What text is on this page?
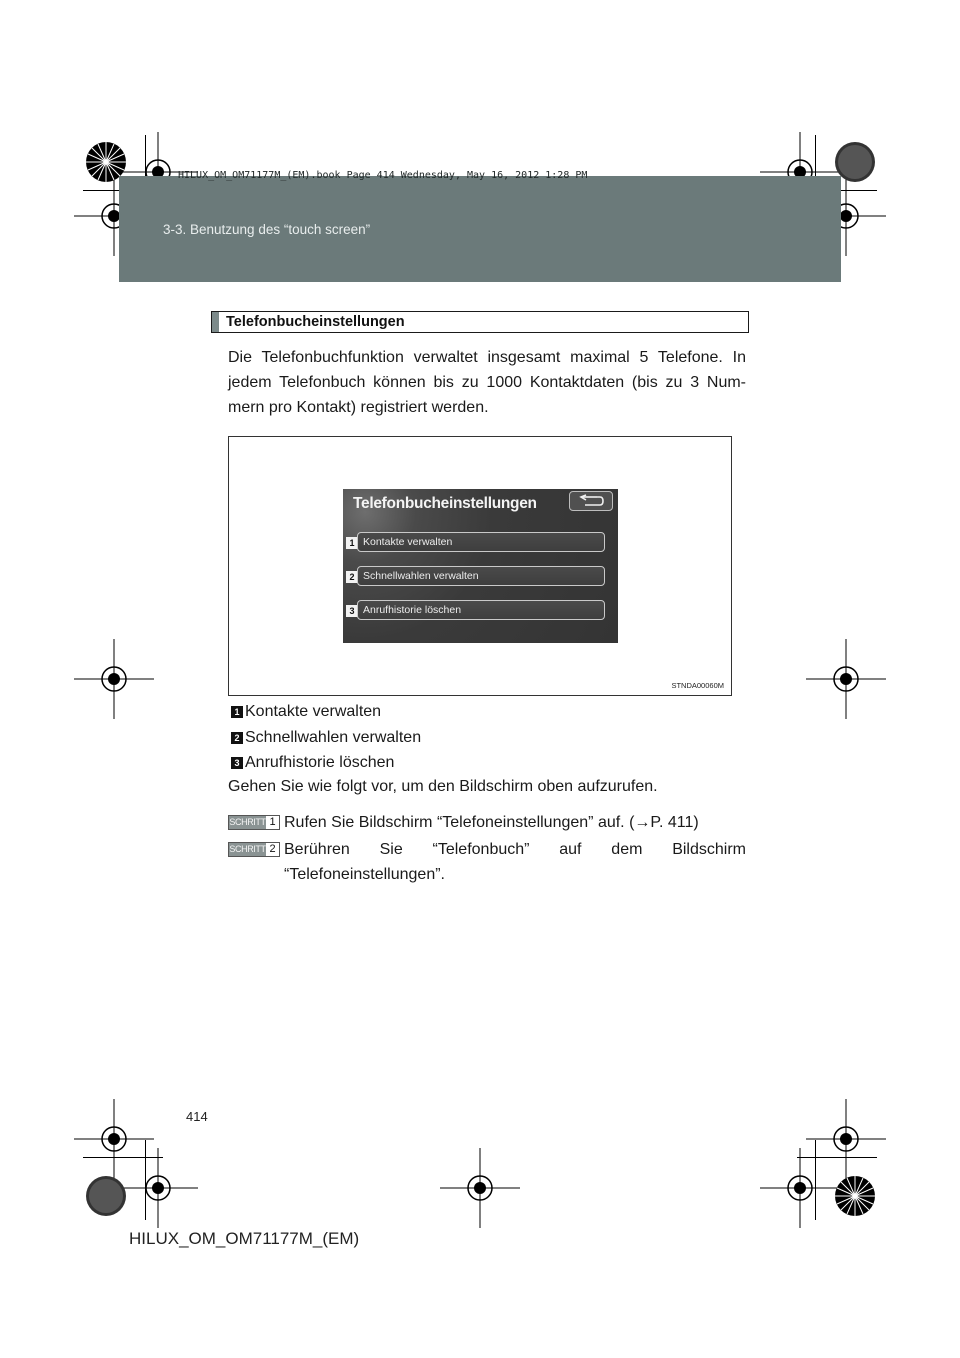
HILUX_OM_OM71177M_(EM).book Page 414 Wednesday, May 16, 2012 1:28 PM
3-3. Benutzung des “touch screen”
Telefonbucheinstellungen
Die Telefonbuchfunktion verwaltet insgesamt maximal 5 Telefone. In jedem Telefonbuch können bis zu 1000 Kontaktdaten (bis zu 3 Num-mern pro Kontakt) registriert werden.
Telefonbucheinstellungen
1 Kontakte verwalten
2 Schnellwahlen verwalten
3 Anrufhistorie löschen
STNDA00060M
1 Kontakte verwalten
2 Schnellwahlen verwalten
3 Anrufhistorie löschen
Gehen Sie wie folgt vor, um den Bildschirm oben aufzurufen.
SCHRITT 1 Rufen Sie Bildschirm “Telefoneinstellungen” auf. (→P. 411)
SCHRITT 2 Berühren Sie “Telefonbuch” auf dem Bildschirm “Telefoneinstellungen”.
414
HILUX_OM_OM71177M_(EM)
